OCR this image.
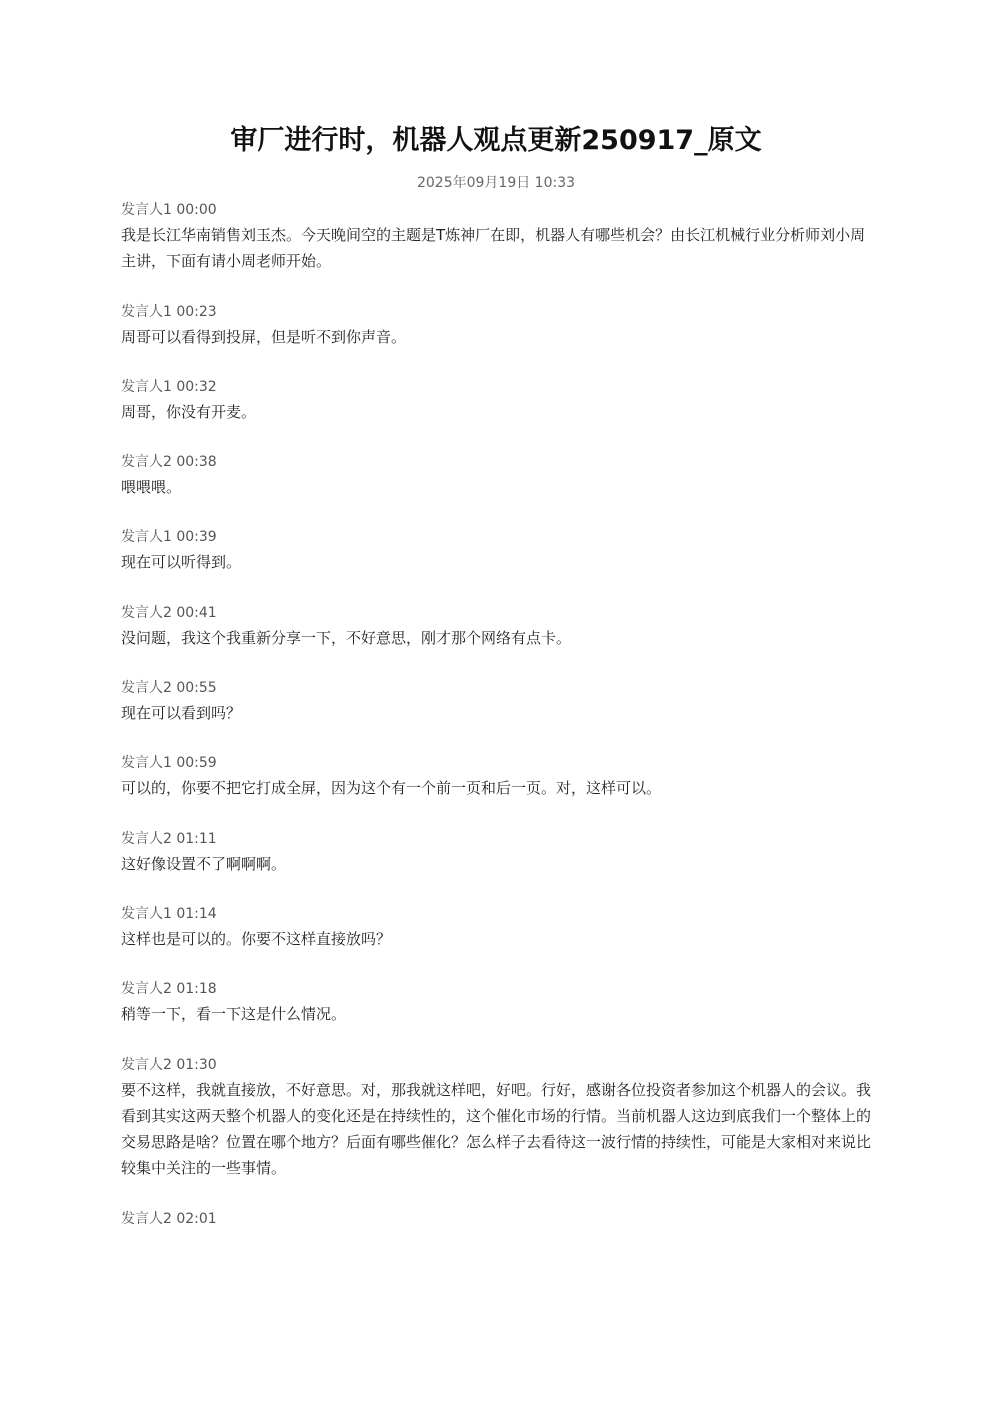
审厂进行时，机器人观点更新250917_原文
2025年09月19日 10:33
发言人1 00:00
我是长江华南销售刘玉杰。今天晚间空的主题是T炼神厂在即，机器人有哪些机会？由长江机械行业分析师刘小周主讲，下面有请小周老师开始。
发言人1 00:23
周哥可以看得到投屏，但是听不到你声音。
发言人1 00:32
周哥，你没有开麦。
发言人2 00:38
喂喂喂。
发言人1 00:39
现在可以听得到。
发言人2 00:41
没问题，我这个我重新分享一下，不好意思，刚才那个网络有点卡。
发言人2 00:55
现在可以看到吗？
发言人1 00:59
可以的，你要不把它打成全屏，因为这个有一个前一页和后一页。对，这样可以。
发言人2 01:11
这好像设置不了啊啊啊。
发言人1 01:14
这样也是可以的。你要不这样直接放吗？
发言人2 01:18
稍等一下，看一下这是什么情况。
发言人2 01:30
要不这样，我就直接放，不好意思。对，那我就这样吧，好吧。行好，感谢各位投资者参加这个机器人的会议。我看到其实这两天整个机器人的变化还是在持续性的，这个催化市场的行情。当前机器人这边到底我们一个整体上的交易思路是啥？位置在哪个地方？后面有哪些催化？怎么样子去看待这一波行情的持续性，可能是大家相对来说比较集中关注的一些事情。
发言人2 02:01
